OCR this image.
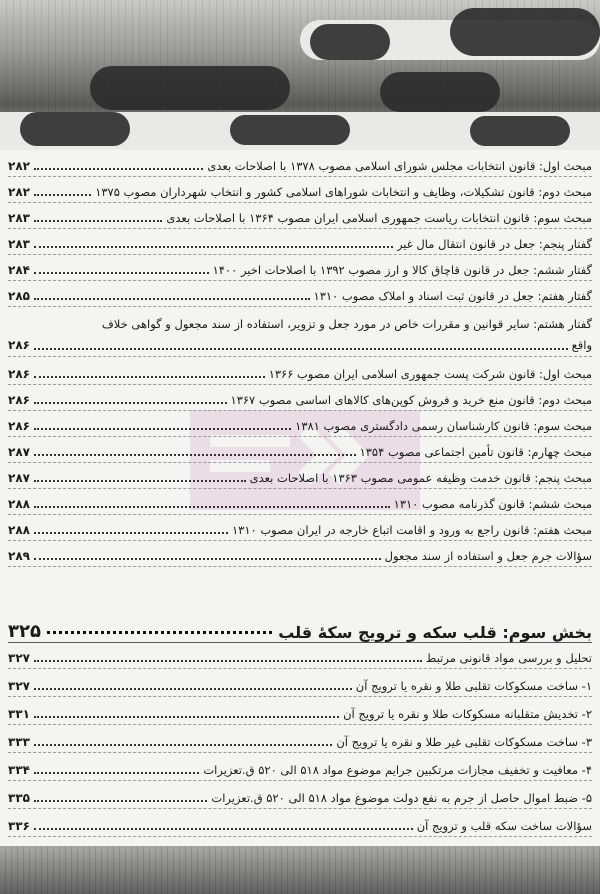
مبحث اول: قانون انتخابات مجلس شورای اسلامی مصوب ۱۳۷۸ با اصلاحات بعدی
۲۸۲
مبحث دوم: قانون تشکیلات، وظایف و انتخابات شوراهای اسلامی کشور و انتخاب شهرداران مصوب ۱۳۷۵
۲۸۲
مبحث سوم: قانون انتخابات ریاست جمهوری اسلامی ایران مصوب ۱۳۶۴ با اصلاحات بعدی
۲۸۳
گفتار پنجم: جعل در قانون انتقال مال غیر
۲۸۳
گفتار ششم: جعل در قانون قاچاق کالا و ارز مصوب ۱۳۹۲ با اصلاحات اخیر ۱۴۰۰
۲۸۴
گفتار هفتم: جعل در قانون ثبت اسناد و املاک مصوب ۱۳۱۰
۲۸۵
گفتار هشتم: سایر قوانین و مقررات خاص در مورد جعل و تزویر، استفاده از سند مجعول و گواهی خلاف
واقع
۲۸۶
مبحث اول: قانون شرکت پست جمهوری اسلامی ایران مصوب ۱۳۶۶
۲۸۶
مبحث دوم: قانون منع خرید و فروش کوپن‌های کالاهای اساسی مصوب ۱۳۶۷
۲۸۶
مبحث سوم: قانون کارشناسان رسمی دادگستری مصوب ۱۳۸۱
۲۸۶
مبحث چهارم: قانون تأمین اجتماعی مصوب ۱۳۵۴
۲۸۷
مبحث پنجم: قانون خدمت وظیفه عمومی مصوب ۱۳۶۳ با اصلاحات بعدی
۲۸۷
مبحث ششم: قانون گذرنامه مصوب ۱۳۱۰
۲۸۸
مبحث هفتم: قانون راجع به ورود و اقامت اتباع خارجه در ایران مصوب ۱۳۱۰
۲۸۸
سؤالات جرم جعل و استفاده از سند مجعول
۲۸۹
بخش سوم: قلب سکه و ترویج سکهٔ قلب
۳۲۵
تحلیل و بررسی مواد قانونی مرتبط
۳۲۷
۱- ساخت مسکوکات تقلبی طلا و نقره یا ترویج آن
۳۲۷
۲- تخدیش متقلبانه مسکوکات طلا و نقره یا ترویج آن
۳۳۱
۳- ساخت مسکوکات تقلبی غیر طلا و نقره یا ترویج آن
۳۳۳
۴- معافیت و تخفیف مجازات مرتکبین جرایم موضوع مواد ۵۱۸ الی ۵۲۰ ق.تعزیرات
۳۳۴
۵- ضبط اموال حاصل از جرم به نفع دولت موضوع مواد ۵۱۸ الی ۵۲۰ ق.تعزیرات
۳۳۵
سؤالات ساخت سکه قلب و ترویج آن
۳۳۶
